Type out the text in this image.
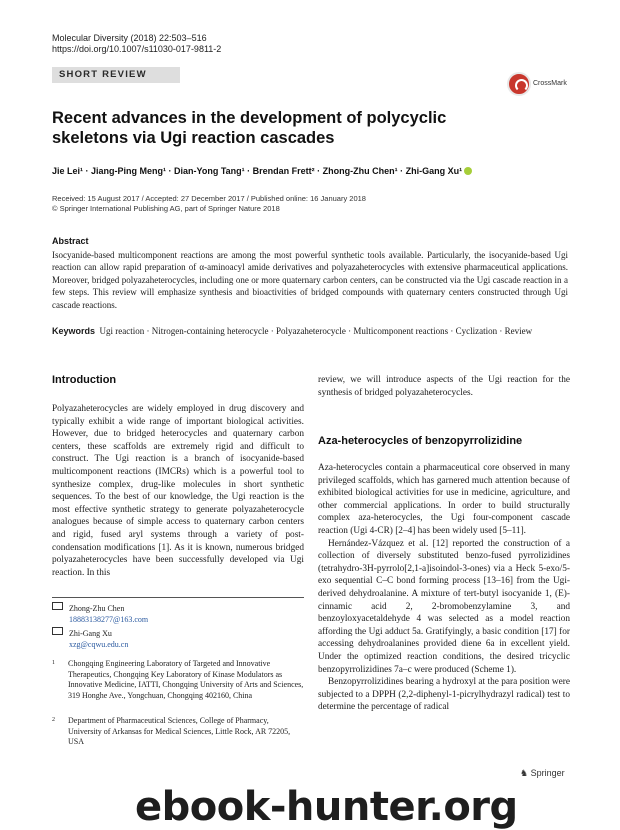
Molecular Diversity (2018) 22:503–516
https://doi.org/10.1007/s11030-017-9811-2
SHORT REVIEW
CrossMark
Recent advances in the development of polycyclic skeletons via Ugi reaction cascades
Jie Lei¹ · Jiang-Ping Meng¹ · Dian-Yong Tang¹ · Brendan Frett² · Zhong-Zhu Chen¹ · Zhi-Gang Xu¹
Received: 15 August 2017 / Accepted: 27 December 2017 / Published online: 16 January 2018
© Springer International Publishing AG, part of Springer Nature 2018
Abstract
Isocyanide-based multicomponent reactions are among the most powerful synthetic tools available. Particularly, the isocyanide-based Ugi reaction can allow rapid preparation of α-aminoacyl amide derivatives and polyazaheterocycles with extensive pharmaceutical applications. Moreover, bridged polyazaheterocycles, including one or more quaternary carbon centers, can be constructed via the Ugi cascade reaction in a few steps. This review will emphasize synthesis and bioactivities of bridged compounds with quaternary centers constructed through Ugi cascade reactions.
Keywords Ugi reaction · Nitrogen-containing heterocycle · Polyazaheterocycle · Multicomponent reactions · Cyclization · Review
Introduction

Polyazaheterocycles are widely employed in drug discovery and typically exhibit a wide range of important biological activities. However, due to bridged heterocycles and quaternary carbon centers, these scaffolds are extremely rigid and difficult to construct. The Ugi reaction is a branch of isocyanide-based multicomponent reactions (IMCRs) which is a powerful tool to synthesize complex, drug-like molecules in short synthetic sequences. To the best of our knowledge, the Ugi reaction is the most effective synthetic strategy to generate polyazaheterocycle analogues because of simple access to quaternary carbon centers and rigid, fused aryl systems through a variety of post-condensation modifications [1]. As it is known, numerous bridged polyazaheterocycles have been successfully developed via Ugi reaction. In this

Zhong-Zhu Chen
18883138277@163.com
Zhi-Gang Xu
xzg@cqwu.edu.cn
1 Chongqing Engineering Laboratory of Targeted and Innovative Therapeutics, Chongqing Key Laboratory of Kinase Modulators as Innovative Medicine, IATTI, Chongqing University of Arts and Sciences, 319 Honghe Ave., Yongchuan, Chongqing 402160, China
2 Department of Pharmaceutical Sciences, College of Pharmacy, University of Arkansas for Medical Sciences, Little Rock, AR 72205, USA

review, we will introduce aspects of the Ugi reaction for the synthesis of bridged polyazaheterocycles.

Aza-heterocycles of benzopyrrolizidine

Aza-heterocycles contain a pharmaceutical core observed in many privileged scaffolds, which has garnered much attention because of exhibited biological activities for use in medicine, agriculture, and other commercial applications. In order to build structurally complex aza-heterocycles, the Ugi four-component cascade reaction (Ugi 4-CR) [2–4] has been widely used [5–11].

Hernández-Vázquez et al. [12] reported the construction of a collection of diversely substituted benzo-fused pyrrolizidines (tetrahydro-3H-pyrrolo[2,1-a]isoindol-3-ones) via a Heck 5-exo/5-exo sequential C–C bond forming process [13–16] from the Ugi-derived dehydroalanine. A mixture of tert-butyl isocyanide 1, (E)-cinnamic acid 2, 2-bromobenzylamine 3, and benzoyloxyacetaldehyde 4 was selected as a model reaction affording the Ugi adduct 5a. Gratifyingly, a basic condition [17] for accessing dehydroalanines provided diene 6a in excellent yield. Under the optimized reaction conditions, the desired tricyclic benzopyrrolizidines 7a–c were produced (Scheme 1).

Benzopyrrolizidines bearing a hydroxyl at the para position were subjected to a DPPH (2,2-diphenyl-1-picrylhydrazyl radical) test to determine the percentage of radical

♞ Springer
ebook-hunter.org
